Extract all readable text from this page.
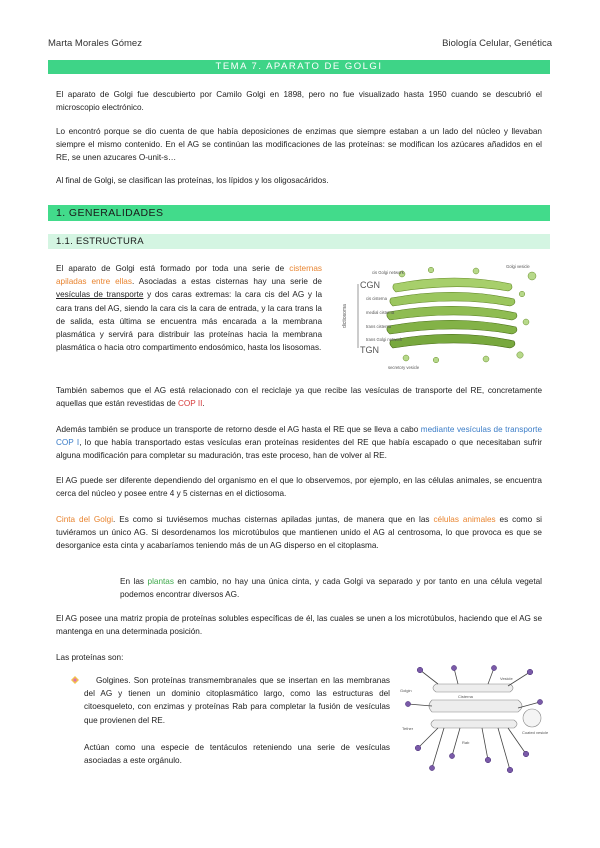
Marta Morales Gómez	Biología Celular, Genética
TEMA 7. APARATO DE GOLGI

El aparato de Golgi fue descubierto por Camilo Golgi en 1898, pero no fue visualizado hasta 1950 cuando se descubrió el microscopio electrónico.

Lo encontró porque se dio cuenta de que había deposiciones de enzimas que siempre estaban a un lado del núcleo y llevaban siempre el mismo contenido. En el AG se continúan las modificaciones de las proteínas: se modifican los azúcares añadidos en el RE, se unen azucares O-unit-s…

Al final de Golgi, se clasifican las proteínas, los lípidos y los oligosacáridos.

1. GENERALIDADES
1.1. ESTRUCTURA

El aparato de Golgi está formado por toda una serie de cisternas apiladas entre ellas. Asociadas a estas cisternas hay una serie de vesículas de transporte y dos caras extremas: la cara cis del AG y la cara trans del AG, siendo la cara cis la cara de entrada, y la cara trans la de salida, esta última se encuentra más encarada a la membrana plasmática y servirá para distribuir las proteínas hacia la membrana plasmática o hacia otro compartimento endosómico, hasta los lisosomas.

dictiosoma
CGN
TGN
cis Golgi network
cis cisterna
medial cisterna
trans cisterna
trans Golgi network
Golgi vesicle
secretory vesicle

También sabemos que el AG está relacionado con el reciclaje ya que recibe las vesículas de transporte del RE, concretamente aquellas que están revestidas de COP II.

Además también se produce un transporte de retorno desde el AG hasta el RE que se lleva a cabo mediante vesículas de transporte COP I, lo que había transportado estas vesículas eran proteínas residentes del RE que había escapado o que necesitaban sufrir alguna modificación para completar su maduración, tras este proceso, han de volver al RE.

El AG puede ser diferente dependiendo del organismo en el que lo observemos, por ejemplo, en las células animales, se encuentra cerca del núcleo y posee entre 4 y 5 cisternas en el dictiosoma.

Cinta del Golgi. Es como si tuviésemos muchas cisternas apiladas juntas, de manera que en las células animales es como si tuviéramos un único AG. Si desordenamos los microtúbulos que mantienen unido el AG al centrosoma, lo que provoca es que se desorganice esta cinta y acabaríamos teniendo más de un AG disperso en el citoplasma.

En las plantas en cambio, no hay una única cinta, y cada Golgi va separado y por tanto en una célula vegetal podemos encontrar diversos AG.

El AG posee una matriz propia de proteínas solubles específicas de él, las cuales se unen a los microtúbulos, haciendo que el AG se mantenga en una determinada posición.

Las proteínas son:

Golgines. Son proteínas transmembranales que se insertan en las membranas del AG y tienen un dominio citoplasmático largo, como las estructuras del citoesqueleto, con enzimas y proteínas Rab para completar la fusión de vesículas que provienen del RE.

Actúan como una especie de tentáculos reteniendo una serie de vesículas asociadas a este orgánulo.

Cisterna
Golgin
Vesicle
Coated vesicle
Tether
Rab
